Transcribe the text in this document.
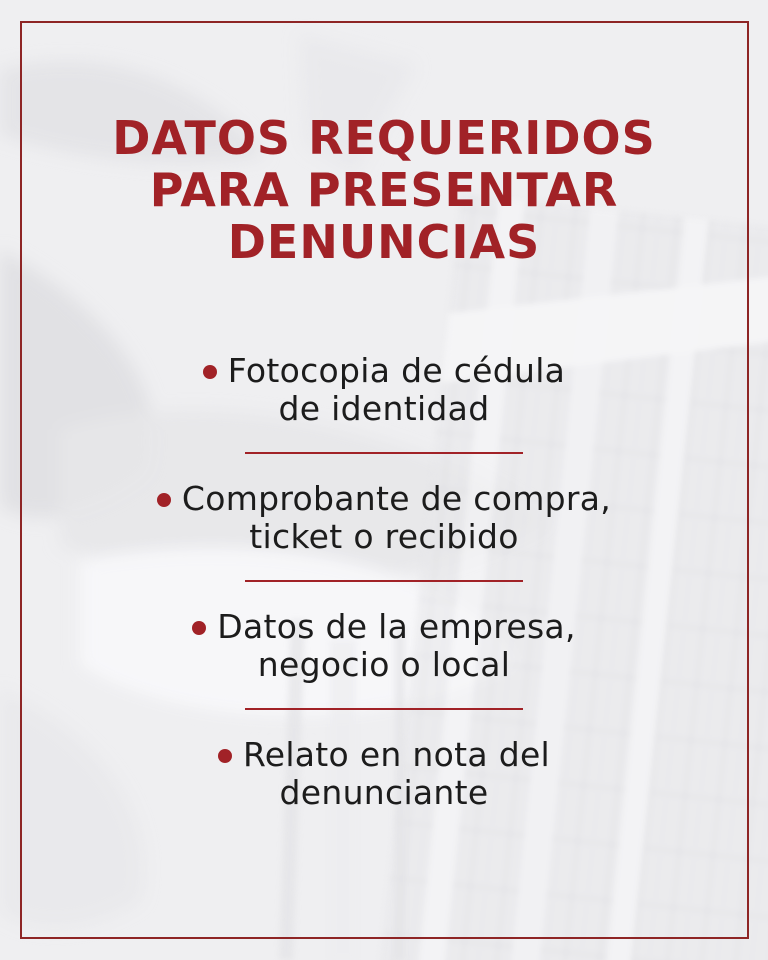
DATOS REQUERIDOS
PARA PRESENTAR
DENUNCIAS
Fotocopia de cédula
de identidad
Comprobante de compra,
ticket o recibido
Datos de la empresa,
negocio o local
Relato en nota del
denunciante
